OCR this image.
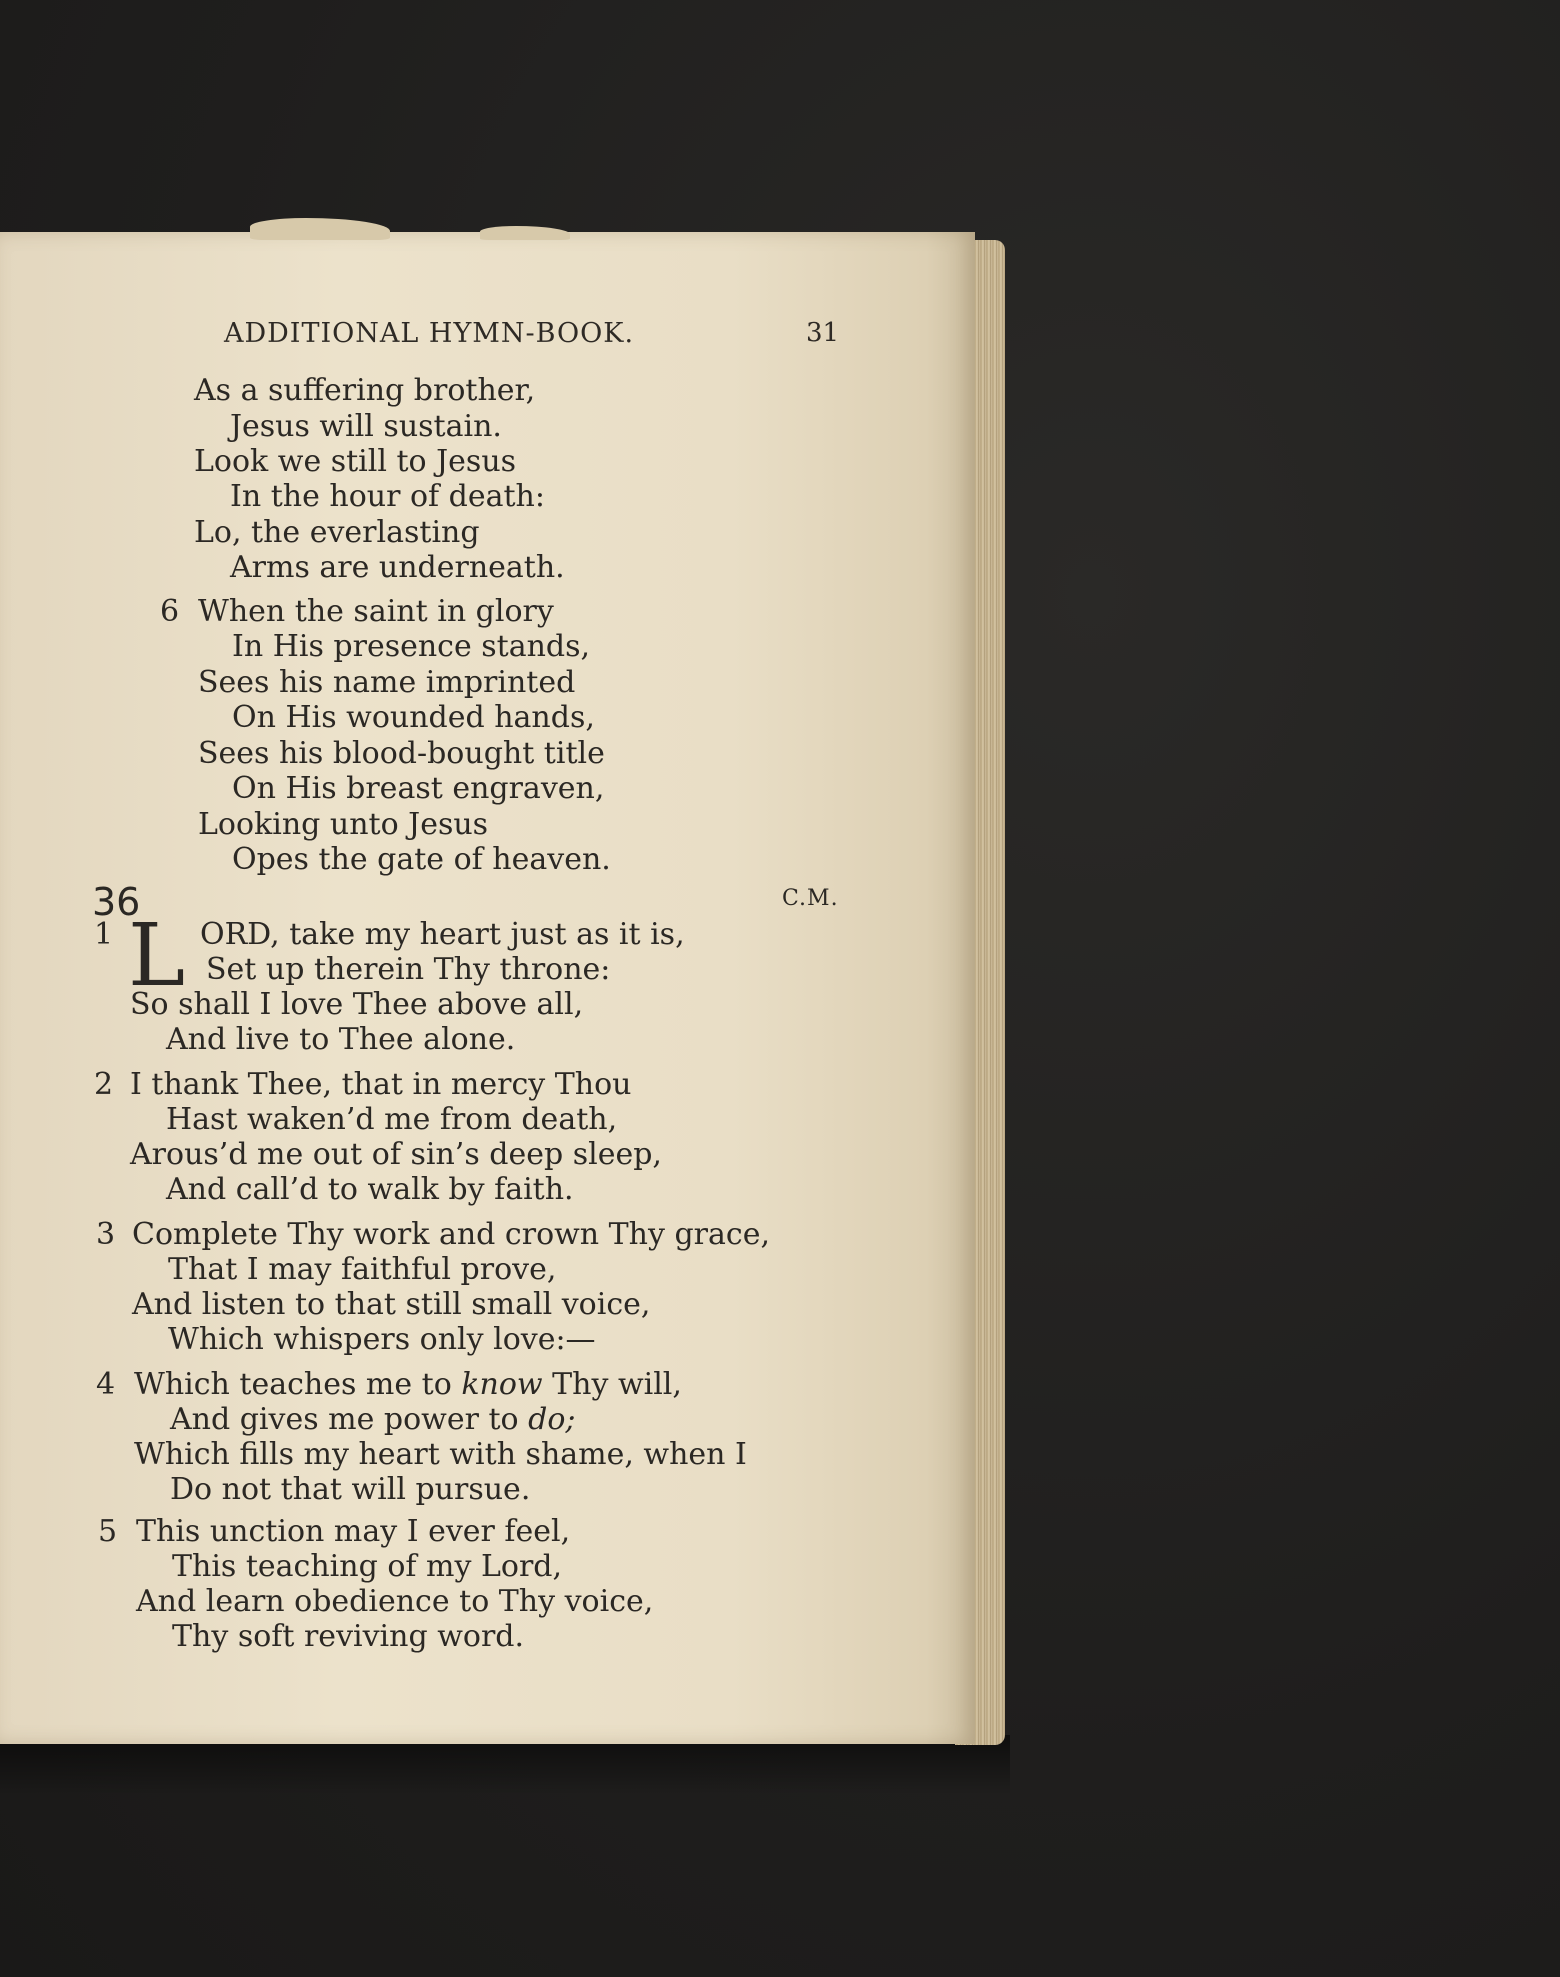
ADDITIONAL HYMN-BOOK.	31
As a suffering brother,
Jesus will sustain.
Look we still to Jesus
In the hour of death:
Lo, the everlasting
Arms are underneath.
6 When the saint in glory
In His presence stands,
Sees his name imprinted
On His wounded hands,
Sees his blood-bought title
On His breast engraven,
Looking unto Jesus
Opes the gate of heaven.
36	C.M.
1 L ORD, take my heart just as it is,
Set up therein Thy throne:
So shall I love Thee above all,
And live to Thee alone.
2 I thank Thee, that in mercy Thou
Hast waken’d me from death,
Arous’d me out of sin’s deep sleep,
And call’d to walk by faith.
3 Complete Thy work and crown Thy grace,
That I may faithful prove,
And listen to that still small voice,
Which whispers only love:—
4 Which teaches me to know Thy will,
And gives me power to do;
Which fills my heart with shame, when I
Do not that will pursue.
5 This unction may I ever feel,
This teaching of my Lord,
And learn obedience to Thy voice,
Thy soft reviving word.
